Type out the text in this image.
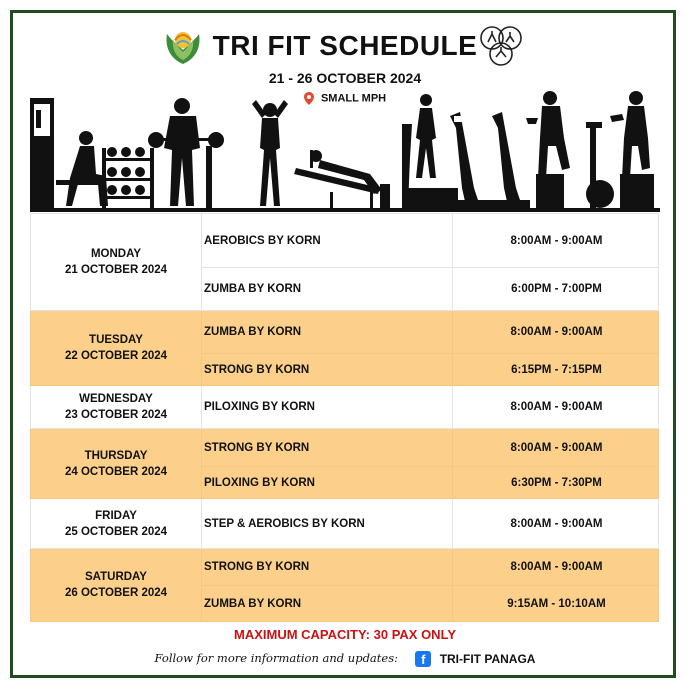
TRI FIT SCHEDULE
21 - 26 OCTOBER 2024
SMALL MPH
MONDAY
21 OCTOBER 2024	AEROBICS BY KORN	8:00AM - 9:00AM
	ZUMBA BY KORN	6:00PM - 7:00PM

TUESDAY
22 OCTOBER 2024	ZUMBA BY KORN	8:00AM - 9:00AM
	STRONG BY KORN	6:15PM - 7:15PM

WEDNESDAY
23 OCTOBER 2024	PILOXING BY KORN	8:00AM - 9:00AM

THURSDAY
24 OCTOBER 2024	STRONG BY KORN	8:00AM - 9:00AM
	PILOXING BY KORN	6:30PM - 7:30PM

FRIDAY
25 OCTOBER 2024	STEP & AEROBICS BY KORN	8:00AM - 9:00AM

SATURDAY
26 OCTOBER 2024	STRONG BY KORN	8:00AM - 9:00AM
	ZUMBA BY KORN	9:15AM - 10:10AM
MAXIMUM CAPACITY: 30 PAX ONLY
Follow for more information and updates: f TRI-FIT PANAGA
